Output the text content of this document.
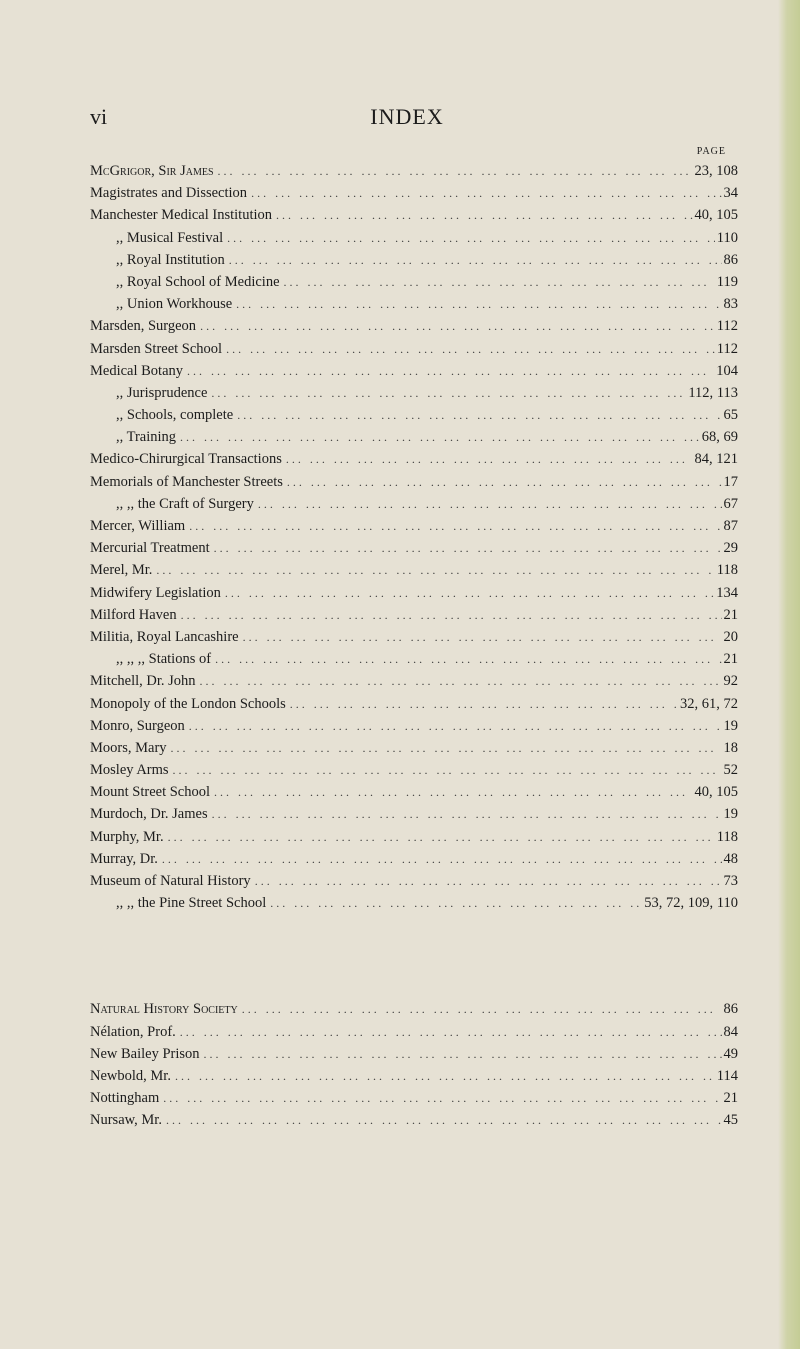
vi	INDEX
PAGE
McGrigor, Sir James ... .	23, 108
Magistrates and Dissection ... .	34
Manchester Medical Institution ... .	40, 105
,, Musical Festival ... .	110
,, Royal Institution ... .	86
,, Royal School of Medicine ... .	119
,, Union Workhouse ... .	83
Marsden, Surgeon ... .	112
Marsden Street School ... .	112
Medical Botany ... .	104
,, Jurisprudence ... .	112, 113
,, Schools, complete ... .	65
,, Training ... .	68, 69
Medico-Chirurgical Transactions ... .	84, 121
Memorials of Manchester Streets ... .	17
,, ,, the Craft of Surgery ... .	67
Mercer, William ... .	87
Mercurial Treatment ... .	29
Merel, Mr. ... .	118
Midwifery Legislation ... .	134
Milford Haven ... .	21
Militia, Royal Lancashire ... .	20
,, ,, ,, Stations of ... .	21
Mitchell, Dr. John ... .	92
Monopoly of the London Schools ... .	32, 61, 72
Monro, Surgeon ... .	19
Moors, Mary ... .	18
Mosley Arms ... .	52
Mount Street School ... .	40, 105
Murdoch, Dr. James ... .	19
Murphy, Mr. ... .	118
Murray, Dr. ... .	48
Museum of Natural History ... .	73
,, ,, the Pine Street School ... .	53, 72, 109, 110
Natural History Society ... .	86
Nélation, Prof. ... .	84
New Bailey Prison ... .	49
Newbold, Mr. ... .	114
Nottingham ... .	21
Nursaw, Mr. ... .	45
